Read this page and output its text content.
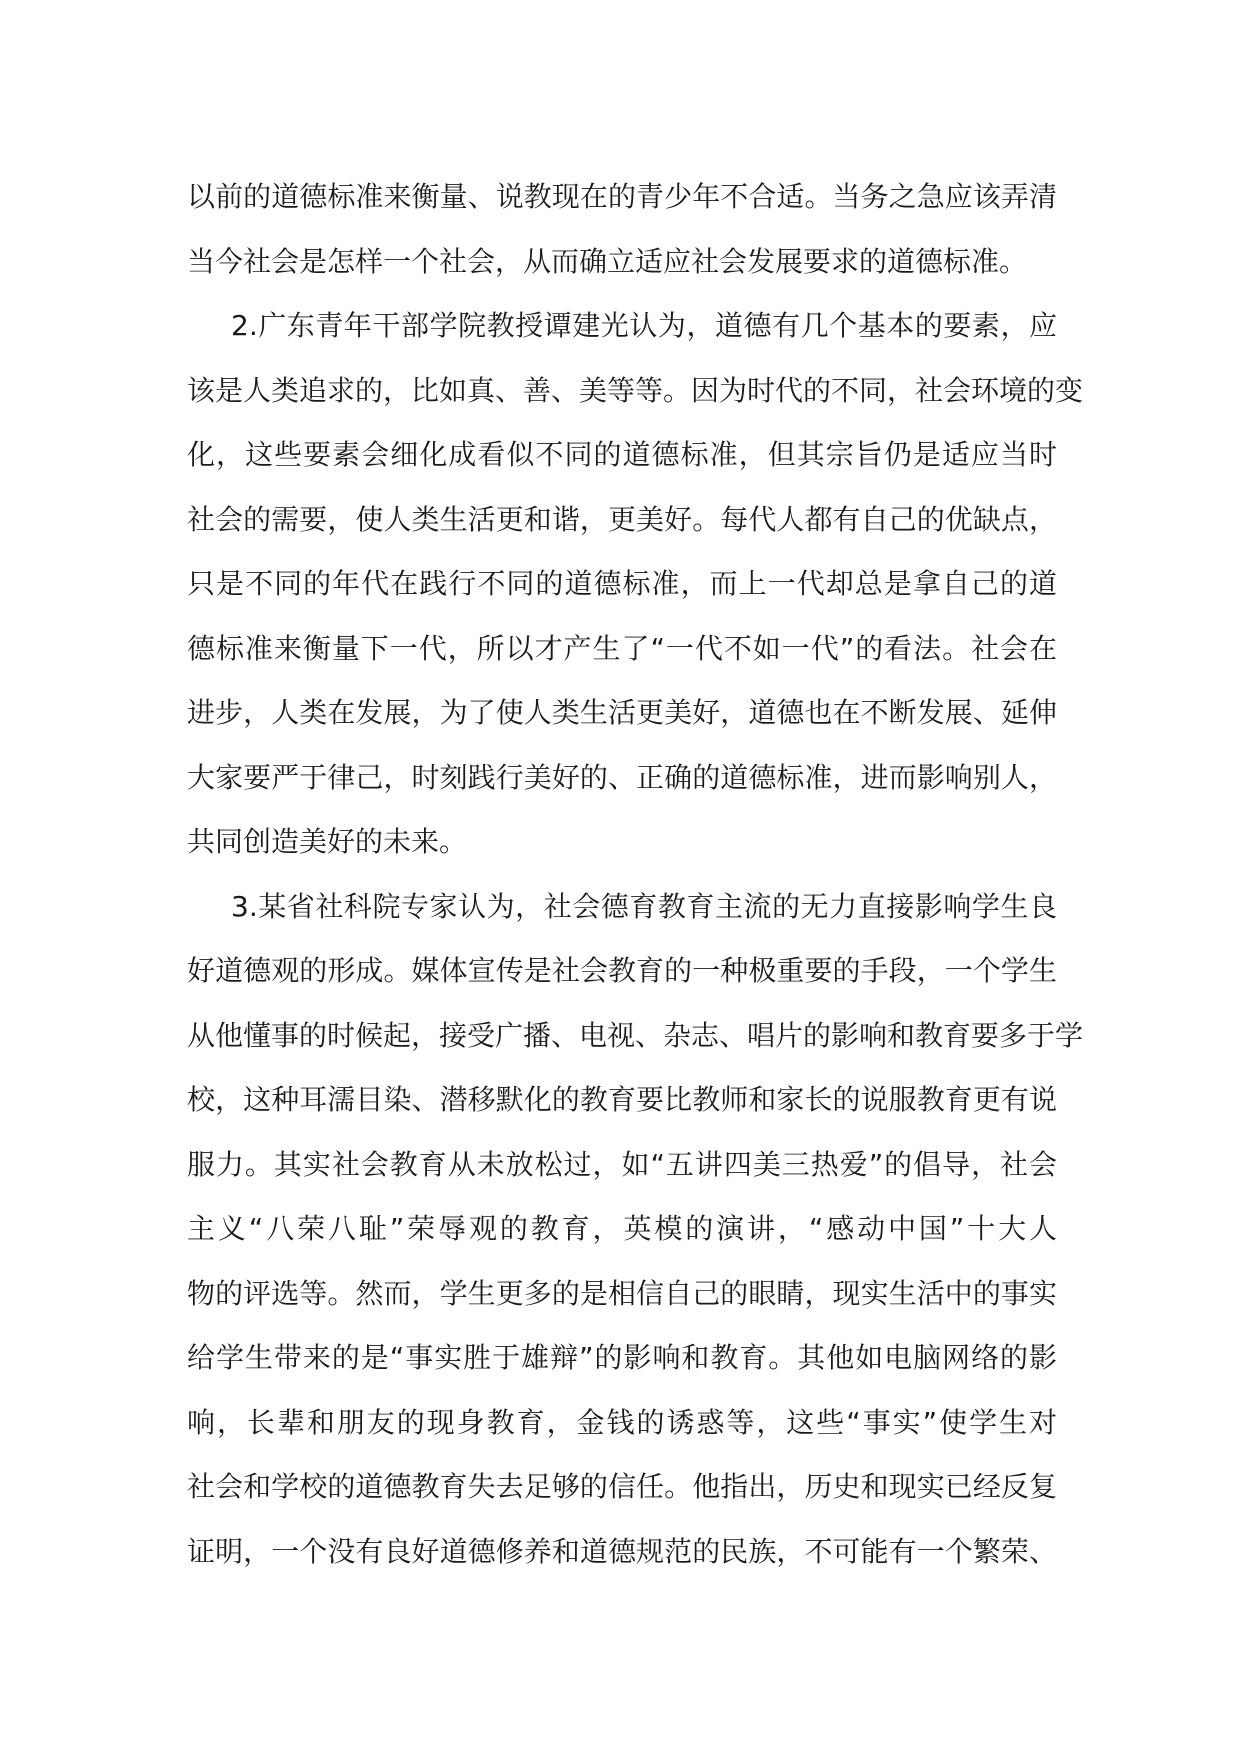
以前的道德标准来衡量、说教现在的青少年不合适。当务之急应该弄清
当今社会是怎样一个社会，从而确立适应社会发展要求的道德标准。
2.广东青年干部学院教授谭建光认为，道德有几个基本的要素，应
该是人类追求的，比如真、善、美等等。因为时代的不同，社会环境的变
化，这些要素会细化成看似不同的道德标准，但其宗旨仍是适应当时
社会的需要，使人类生活更和谐，更美好。每代人都有自己的优缺点，
只是不同的年代在践行不同的道德标准，而上一代却总是拿自己的道
德标准来衡量下一代，所以才产生了“一代不如一代”的看法。社会在
进步，人类在发展，为了使人类生活更美好，道德也在不断发展、延伸
大家要严于律己，时刻践行美好的、正确的道德标准，进而影响别人，
共同创造美好的未来。
3.某省社科院专家认为，社会德育教育主流的无力直接影响学生良
好道德观的形成。媒体宣传是社会教育的一种极重要的手段，一个学生
从他懂事的时候起，接受广播、电视、杂志、唱片的影响和教育要多于学
校，这种耳濡目染、潜移默化的教育要比教师和家长的说服教育更有说
服力。其实社会教育从未放松过，如“五讲四美三热爱”的倡导，社会
主义“八荣八耻”荣辱观的教育，英模的演讲，“感动中国”十大人
物的评选等。然而，学生更多的是相信自己的眼睛，现实生活中的事实
给学生带来的是“事实胜于雄辩”的影响和教育。其他如电脑网络的影
响，长辈和朋友的现身教育，金钱的诱惑等，这些“事实”使学生对
社会和学校的道德教育失去足够的信任。他指出，历史和现实已经反复
证明，一个没有良好道德修养和道德规范的民族，不可能有一个繁荣、
